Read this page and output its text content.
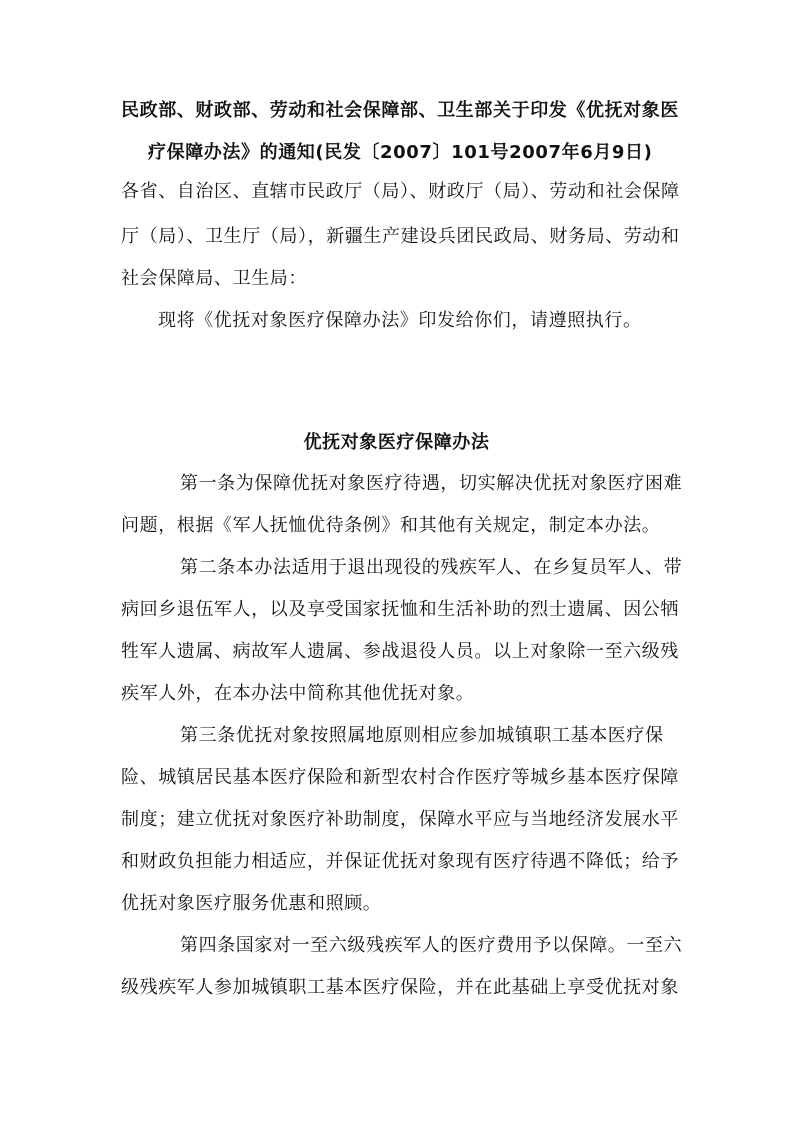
民政部、财政部、劳动和社会保障部、卫生部关于印发《优抚对象医
疗保障办法》的通知(民发〔2007〕101号2007年6月9日)
各省、自治区、直辖市民政厅（局）、财政厅（局）、劳动和社会保障
厅（局）、卫生厅（局），新疆生产建设兵团民政局、财务局、劳动和
社会保障局、卫生局：
现将《优抚对象医疗保障办法》印发给你们，请遵照执行。
优抚对象医疗保障办法
第一条为保障优抚对象医疗待遇，切实解决优抚对象医疗困难
问题，根据《军人抚恤优待条例》和其他有关规定，制定本办法。
第二条本办法适用于退出现役的残疾军人、在乡复员军人、带
病回乡退伍军人，以及享受国家抚恤和生活补助的烈士遗属、因公牺
牲军人遗属、病故军人遗属、参战退役人员。以上对象除一至六级残
疾军人外，在本办法中简称其他优抚对象。
第三条优抚对象按照属地原则相应参加城镇职工基本医疗保
险、城镇居民基本医疗保险和新型农村合作医疗等城乡基本医疗保障
制度；建立优抚对象医疗补助制度，保障水平应与当地经济发展水平
和财政负担能力相适应，并保证优抚对象现有医疗待遇不降低；给予
优抚对象医疗服务优惠和照顾。
第四条国家对一至六级残疾军人的医疗费用予以保障。一至六
级残疾军人参加城镇职工基本医疗保险，并在此基础上享受优抚对象
